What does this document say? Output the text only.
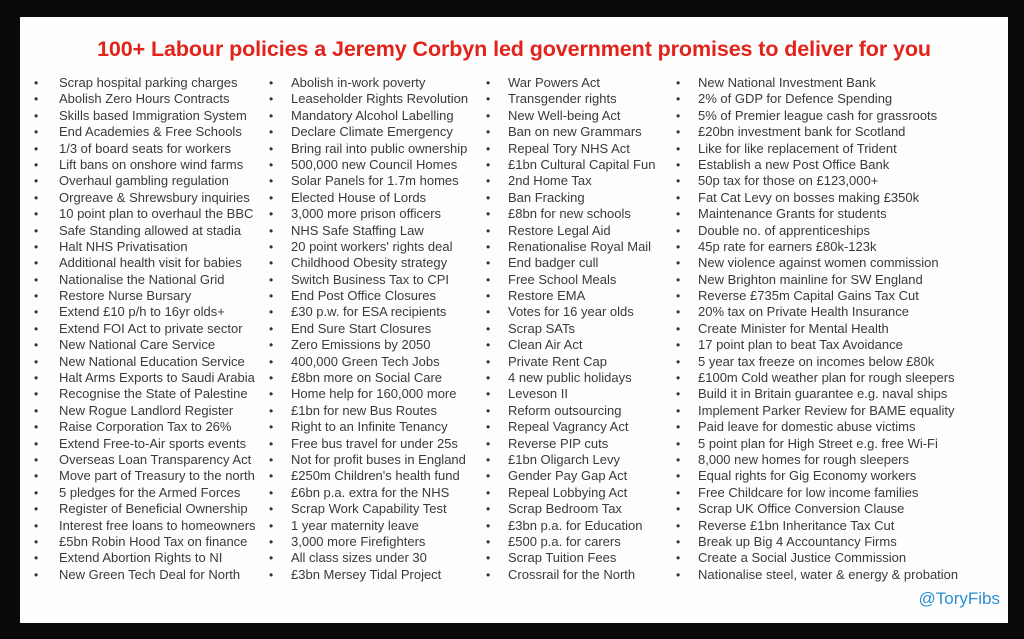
100+ Labour policies a Jeremy Corbyn led government promises to deliver for you
• Scrap hospital parking charges
• Abolish Zero Hours Contracts
• Skills based Immigration System
• End Academies & Free Schools
• 1/3 of board seats for workers
• Lift bans on onshore wind farms
• Overhaul gambling regulation
• Orgreave & Shrewsbury inquiries
• 10 point plan to overhaul the BBC
• Safe Standing allowed at stadia
• Halt NHS Privatisation
• Additional health visit for babies
• Nationalise the National Grid
• Restore Nurse Bursary
• Extend £10 p/h to 16yr olds+
• Extend FOI Act to private sector
• New National Care Service
• New National Education Service
• Halt Arms Exports to Saudi Arabia
• Recognise the State of Palestine
• New Rogue Landlord Register
• Raise Corporation Tax to 26%
• Extend Free-to-Air sports events
• Overseas Loan Transparency Act
• Move part of Treasury to the north
• 5 pledges for the Armed Forces
• Register of Beneficial Ownership
• Interest free loans to homeowners
• £5bn Robin Hood Tax on finance
• Extend Abortion Rights to NI
• New Green Tech Deal for North
• Abolish in-work poverty
• Leaseholder Rights Revolution
• Mandatory Alcohol Labelling
• Declare Climate Emergency
• Bring rail into public ownership
• 500,000 new Council Homes
• Solar Panels for 1.7m homes
• Elected House of Lords
• 3,000 more prison officers
• NHS Safe Staffing Law
• 20 point workers' rights deal
• Childhood Obesity strategy
• Switch Business Tax to CPI
• End Post Office Closures
• £30 p.w. for ESA recipients
• End Sure Start Closures
• Zero Emissions by 2050
• 400,000 Green Tech Jobs
• £8bn more on Social Care
• Home help for 160,000 more
• £1bn for new Bus Routes
• Right to an Infinite Tenancy
• Free bus travel for under 25s
• Not for profit buses in England
• £250m Children's health fund
• £6bn p.a. extra for the NHS
• Scrap Work Capability Test
• 1 year maternity leave
• 3,000 more Firefighters
• All class sizes under 30
• £3bn Mersey Tidal Project
• War Powers Act
• Transgender rights
• New Well-being Act
• Ban on new Grammars
• Repeal Tory NHS Act
• £1bn Cultural Capital Fun
• 2nd Home Tax
• Ban Fracking
• £8bn for new schools
• Restore Legal Aid
• Renationalise Royal Mail
• End badger cull
• Free School Meals
• Restore EMA
• Votes for 16 year olds
• Scrap SATs
• Clean Air Act
• Private Rent Cap
• 4 new public holidays
• Leveson II
• Reform outsourcing
• Repeal Vagrancy Act
• Reverse PIP cuts
• £1bn Oligarch Levy
• Gender Pay Gap Act
• Repeal Lobbying Act
• Scrap Bedroom Tax
• £3bn p.a. for Education
• £500 p.a. for carers
• Scrap Tuition Fees
• Crossrail for the North
• New National Investment Bank
• 2% of GDP for Defence Spending
• 5% of Premier league cash for grassroots
• £20bn investment bank for Scotland
• Like for like replacement of Trident
• Establish a new Post Office Bank
• 50p tax for those on £123,000+
• Fat Cat Levy on bosses making £350k
• Maintenance Grants for students
• Double no. of apprenticeships
• 45p rate for earners £80k-123k
• New violence against women commission
• New Brighton mainline for SW England
• Reverse £735m Capital Gains Tax Cut
• 20% tax on Private Health Insurance
• Create Minister for Mental Health
• 17 point plan to beat Tax Avoidance
• 5 year tax freeze on incomes below £80k
• £100m Cold weather plan for rough sleepers
• Build it in Britain guarantee e.g. naval ships
• Implement Parker Review for BAME equality
• Paid leave for domestic abuse victims
• 5 point plan for High Street e.g. free Wi-Fi
• 8,000 new homes for rough sleepers
• Equal rights for Gig Economy workers
• Free Childcare for low income families
• Scrap UK Office Conversion Clause
• Reverse £1bn Inheritance Tax Cut
• Break up Big 4 Accountancy Firms
• Create a Social Justice Commission
• Nationalise steel, water & energy & probation
@ToryFibs
